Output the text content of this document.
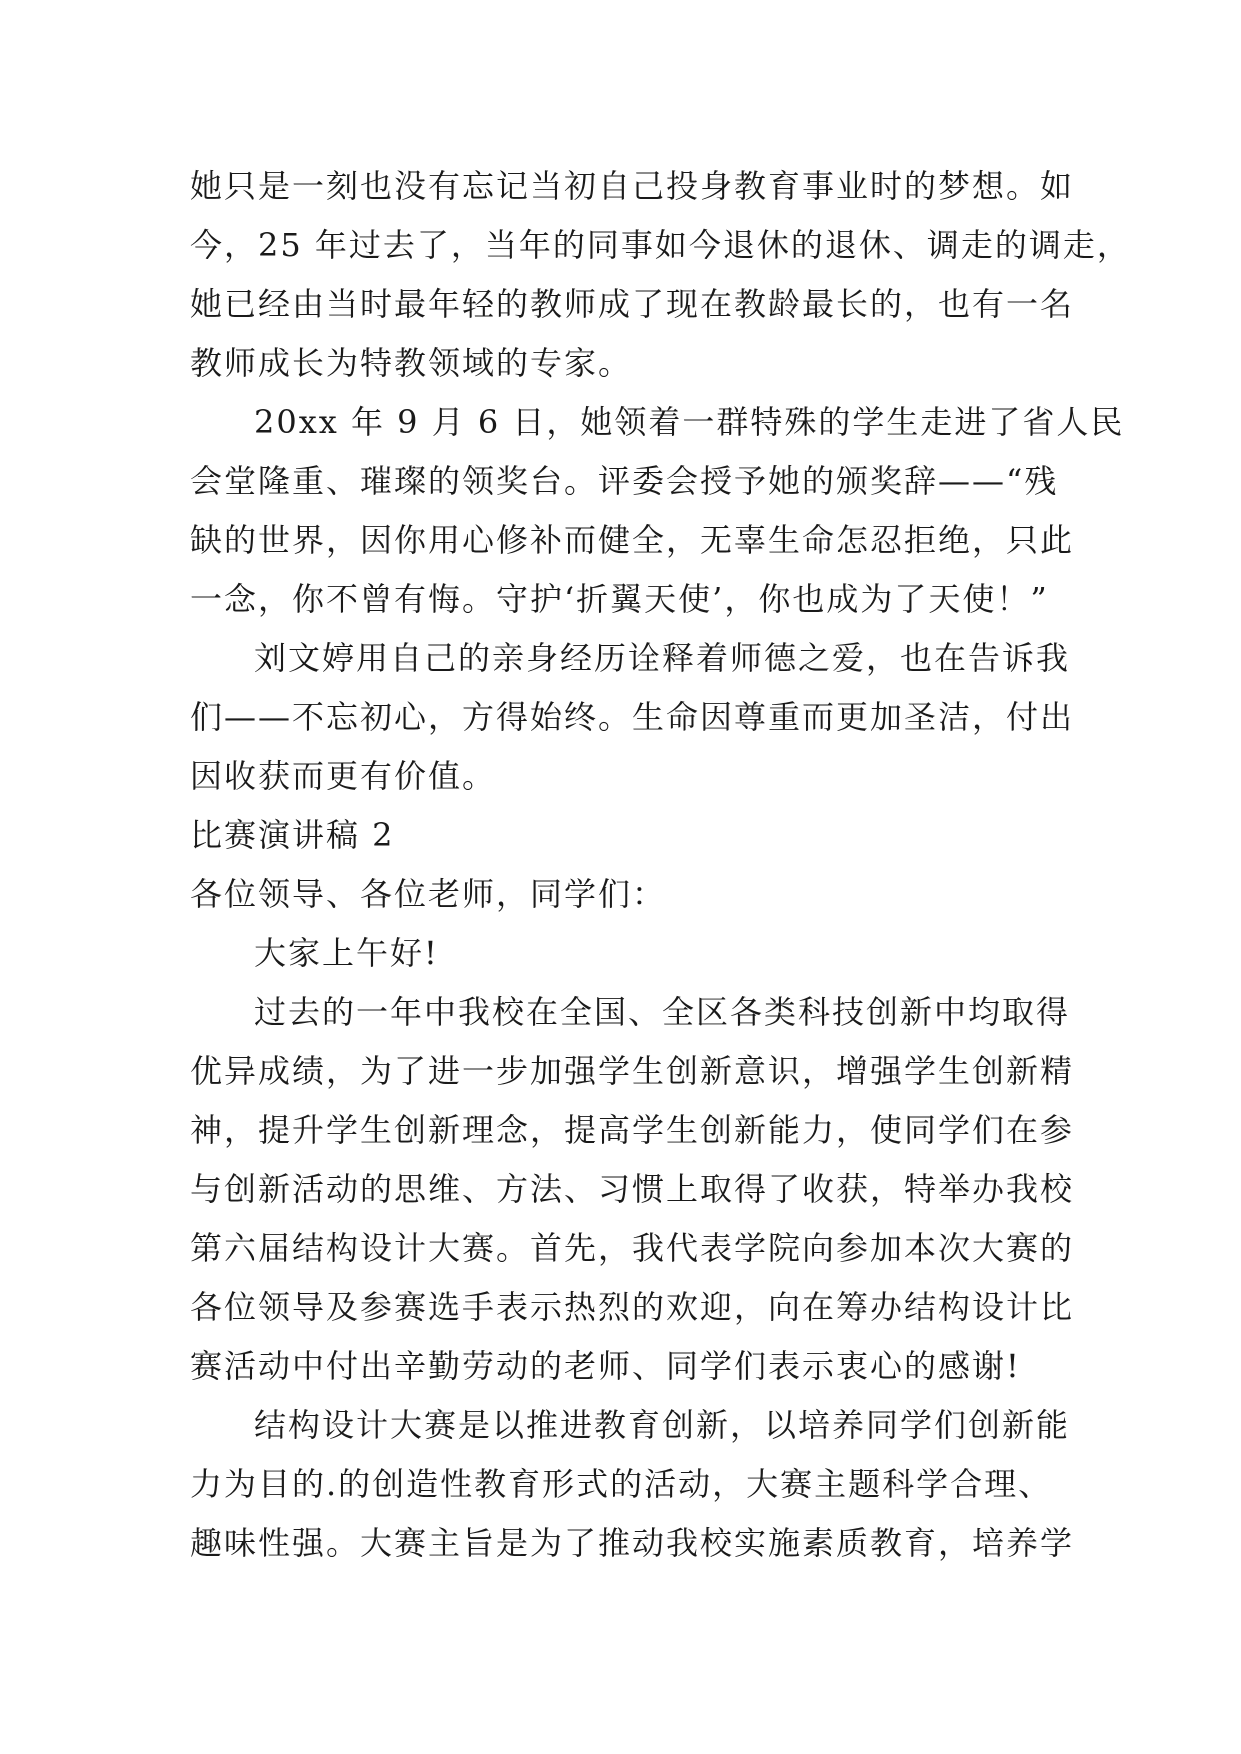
她只是一刻也没有忘记当初自己投身教育事业时的梦想。如
今，25 年过去了，当年的同事如今退休的退休、调走的调走，
她已经由当时最年轻的教师成了现在教龄最长的，也有一名
教师成长为特教领域的专家。
20xx 年 9 月 6 日，她领着一群特殊的学生走进了省人民
会堂隆重、璀璨的领奖台。评委会授予她的颁奖辞——“残
缺的世界，因你用心修补而健全，无辜生命怎忍拒绝，只此
一念，你不曾有悔。守护‘折翼天使’，你也成为了天使！”
刘文婷用自己的亲身经历诠释着师德之爱，也在告诉我
们——不忘初心，方得始终。生命因尊重而更加圣洁，付出
因收获而更有价值。
比赛演讲稿 2
各位领导、各位老师，同学们：
大家上午好!
过去的一年中我校在全国、全区各类科技创新中均取得
优异成绩，为了进一步加强学生创新意识，增强学生创新精
神，提升学生创新理念，提高学生创新能力，使同学们在参
与创新活动的思维、方法、习惯上取得了收获，特举办我校
第六届结构设计大赛。首先，我代表学院向参加本次大赛的
各位领导及参赛选手表示热烈的欢迎，向在筹办结构设计比
赛活动中付出辛勤劳动的老师、同学们表示衷心的感谢!
结构设计大赛是以推进教育创新，以培养同学们创新能
力为目的.的创造性教育形式的活动，大赛主题科学合理、
趣味性强。大赛主旨是为了推动我校实施素质教育，培养学
